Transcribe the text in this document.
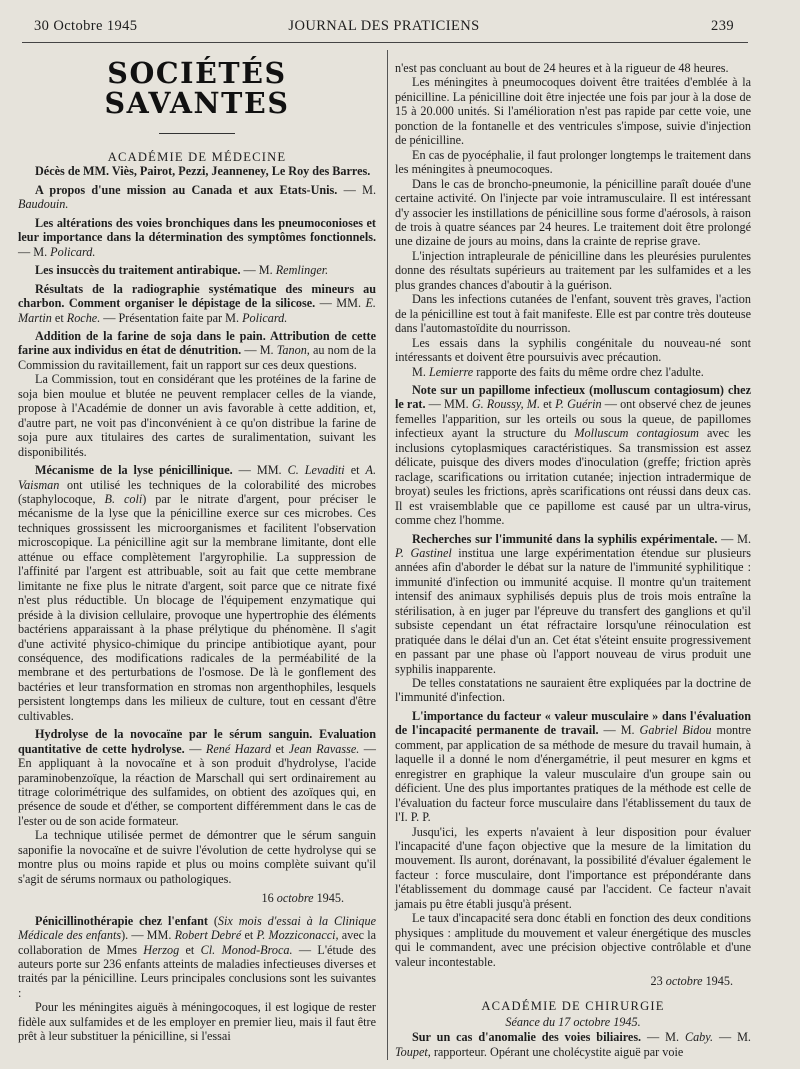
30 Octobre 1945	JOURNAL DES PRATICIENS	239

SOCIÉTÉS SAVANTES

ACADÉMIE DE MÉDECINE

Décès de MM. Viès, Pairot, Pezzi, Jeanneney, Le Roy des Barres.

A propos d'une mission au Canada et aux Etats-Unis. — M. Baudouin.

Les altérations des voies bronchiques dans les pneumoconioses et leur importance dans la détermination des symptômes fonctionnels. — M. Policard.

Les insuccès du traitement antirabique. — M. Remlinger.

Résultats de la radiographie systématique des mineurs au charbon. Comment organiser le dépistage de la silicose. — MM. E. Martin et Roche. — Présentation faite par M. Policard.

Addition de la farine de soja dans le pain. Attribution de cette farine aux individus en état de dénutrition. — M. Tanon, au nom de la Commission du ravitaillement, fait un rapport sur ces deux questions.

La Commission, tout en considérant que les protéines de la farine de soja bien moulue et blutée ne peuvent remplacer celles de la viande, propose à l'Académie de donner un avis favorable à cette addition, et, d'autre part, ne voit pas d'inconvénient à ce qu'on distribue la farine de soja pure aux titulaires des cartes de suralimentation, suivant les disponibilités.

Mécanisme de la lyse pénicillinique. — MM. C. Levaditi et A. Vaisman ont utilisé les techniques de la colorabilité des microbes (staphylocoque, B. coli) par le nitrate d'argent, pour préciser le mécanisme de la lyse que la pénicilline exerce sur ces microbes. Ces techniques grossissent les microorganismes et facilitent l'observation microscopique. La pénicilline agit sur la membrane limitante, dont elle atténue ou efface complètement l'argyrophilie. La suppression de l'affinité par l'argent est attribuable, soit au fait que cette membrane limitante ne fixe plus le nitrate d'argent, soit parce que ce nitrate fixé n'est plus réductible. Un blocage de l'équipement enzymatique qui préside à la division cellulaire, provoque une hypertrophie des éléments bactériens apparaissant à la phase prélytique du phénomène. Il s'agit d'une activité physico-chimique du principe antibiotique ayant, pour conséquence, des modifications radicales de la perméabilité de la membrane et des perturbations de l'osmose. De là le gonflement des bactéries et leur transformation en stromas non argenthophiles, lesquels persistent longtemps dans les milieux de culture, tout en cessant d'être cultivables.

Hydrolyse de la novocaïne par le sérum sanguin. Evaluation quantitative de cette hydrolyse. — René Hazard et Jean Ravasse. — En appliquant à la novocaïne et à son produit d'hydrolyse, l'acide paraminobenzoïque, la réaction de Marschall qui sert ordinairement au titrage colorimétrique des sulfamides, on obtient des azoïques qui, en présence de soude et d'éther, se comportent différemment dans le cas de l'ester ou de son acide formateur.

La technique utilisée permet de démontrer que le sérum sanguin saponifie la novocaïne et de suivre l'évolution de cette hydrolyse qui se montre plus ou moins rapide et plus ou moins complète suivant qu'il s'agit de sérums normaux ou pathologiques.

16 octobre 1945.

Pénicillinothérapie chez l'enfant (Six mois d'essai à la Clinique Médicale des enfants). — MM. Robert Debré et P. Mozziconacci, avec la collaboration de Mmes Herzog et Cl. Monod-Broca. — L'étude des auteurs porte sur 236 enfants atteints de maladies infectieuses diverses et traités par la pénicilline. Leurs principales conclusions sont les suivantes :

Pour les méningites aiguës à méningocoques, il est logique de rester fidèle aux sulfamides et de les employer en premier lieu, mais il faut être prêt à leur substituer la pénicilline, si l'essai

n'est pas concluant au bout de 24 heures et à la rigueur de 48 heures.

Les méningites à pneumocoques doivent être traitées d'emblée à la pénicilline. La pénicilline doit être injectée une fois par jour à la dose de 15 à 20.000 unités. Si l'amélioration n'est pas rapide par cette voie, une ponction de la fontanelle et des ventricules s'impose, suivie d'injection de pénicilline.

En cas de pyocéphalie, il faut prolonger longtemps le traitement dans les méningites à pneumocoques.

Dans le cas de broncho-pneumonie, la pénicilline paraît douée d'une certaine activité. On l'injecte par voie intramusculaire. Il est intéressant d'y associer les instillations de pénicilline sous forme d'aérosols, à raison de trois à quatre séances par 24 heures. Le traitement doit être prolongé une dizaine de jours au moins, dans la crainte de reprise grave.

L'injection intrapleurale de pénicilline dans les pleurésies purulentes donne des résultats supérieurs au traitement par les sulfamides et a les plus grandes chances d'aboutir à la guérison.

Dans les infections cutanées de l'enfant, souvent très graves, l'action de la pénicilline est tout à fait manifeste. Elle est par contre très douteuse dans l'automastoïdite du nourrisson.

Les essais dans la syphilis congénitale du nouveau-né sont intéressants et doivent être poursuivis avec précaution.

M. Lemierre rapporte des faits du même ordre chez l'adulte.

Note sur un papillome infectieux (molluscum contagiosum) chez le rat. — MM. G. Roussy, M. et P. Guérin — ont observé chez de jeunes femelles l'apparition, sur les orteils ou sous la queue, de papillomes infectieux ayant la structure du Molluscum contagiosum avec les inclusions cytoplasmiques caractéristiques. Sa transmission est assez délicate, puisque des divers modes d'inoculation (greffe; friction après raclage, scarifications ou irritation cutanée; injection intradermique de broyat) seules les frictions, après scarifications ont réussi dans deux cas. Il est vraisemblable que ce papillome est causé par un ultra-virus, comme chez l'homme.

Recherches sur l'immunité dans la syphilis expérimentale. — M. P. Gastinel institua une large expérimentation étendue sur plusieurs années afin d'aborder le débat sur la nature de l'immunité syphilitique : immunité d'infection ou immunité acquise. Il montre qu'un traitement intensif des animaux syphilisés depuis plus de trois mois entraîne la stérilisation, à en juger par l'épreuve du transfert des ganglions et qu'il subsiste cependant un état réfractaire lorsqu'une réinoculation est pratiquée dans le délai d'un an. Cet état s'éteint ensuite progressivement en passant par une phase où l'apport nouveau de virus produit une syphilis inapparente.

De telles constatations ne sauraient être expliquées par la doctrine de l'immunité d'infection.

L'importance du facteur « valeur musculaire » dans l'évaluation de l'incapacité permanente de travail. — M. Gabriel Bidou montre comment, par application de sa méthode de mesure du travail humain, à laquelle il a donné le nom d'énergamétrie, il peut mesurer en kgms et enregistrer en graphique la valeur musculaire d'un groupe sain ou déficient. Une des plus importantes pratiques de la méthode est celle de l'évaluation du facteur force musculaire dans l'établissement du taux de l'I. P. P.

Jusqu'ici, les experts n'avaient à leur disposition pour évaluer l'incapacité d'une façon objective que la mesure de la limitation du mouvement. Ils auront, dorénavant, la possibilité d'évaluer également le facteur : force musculaire, dont l'importance est prépondérante dans l'établissement du dommage causé par l'accident. Ce facteur n'avait jamais pu être établi jusqu'à présent.

Le taux d'incapacité sera donc établi en fonction des deux conditions physiques : amplitude du mouvement et valeur énergétique des muscles qui le commandent, avec une précision objective contrôlable et d'une valeur incontestable.

23 octobre 1945.

ACADÉMIE DE CHIRURGIE

Séance du 17 octobre 1945.

Sur un cas d'anomalie des voies biliaires. — M. Caby. — M. Toupet, rapporteur. Opérant une cholécystite aiguë par voie
